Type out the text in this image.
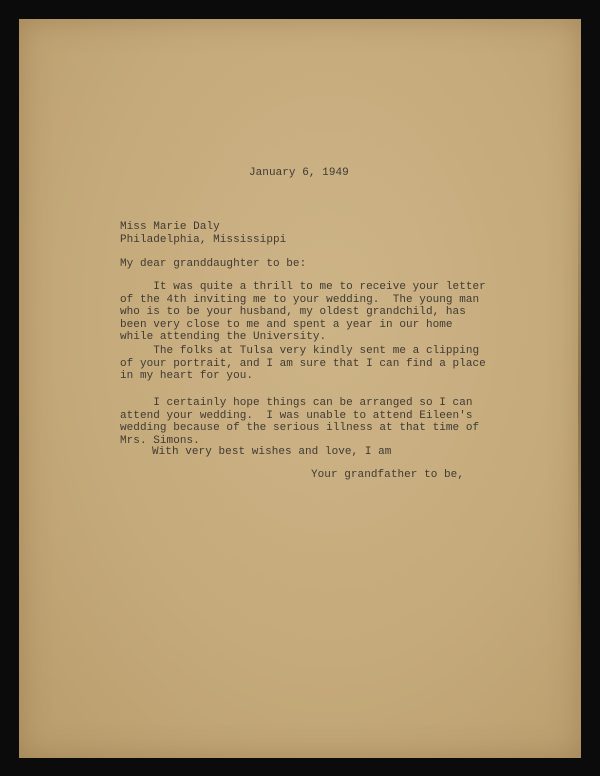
January 6, 1949

Miss Marie Daly
Philadelphia, Mississippi

My dear granddaughter to be:

It was quite a thrill to me to receive your letter
of the 4th inviting me to your wedding.  The young man
who is to be your husband, my oldest grandchild, has
been very close to me and spent a year in our home
while attending the University.

The folks at Tulsa very kindly sent me a clipping
of your portrait, and I am sure that I can find a place
in my heart for you.

I certainly hope things can be arranged so I can
attend your wedding.  I was unable to attend Eileen's
wedding because of the serious illness at that time of
Mrs. Simons.

With very best wishes and love, I am

Your grandfather to be,
